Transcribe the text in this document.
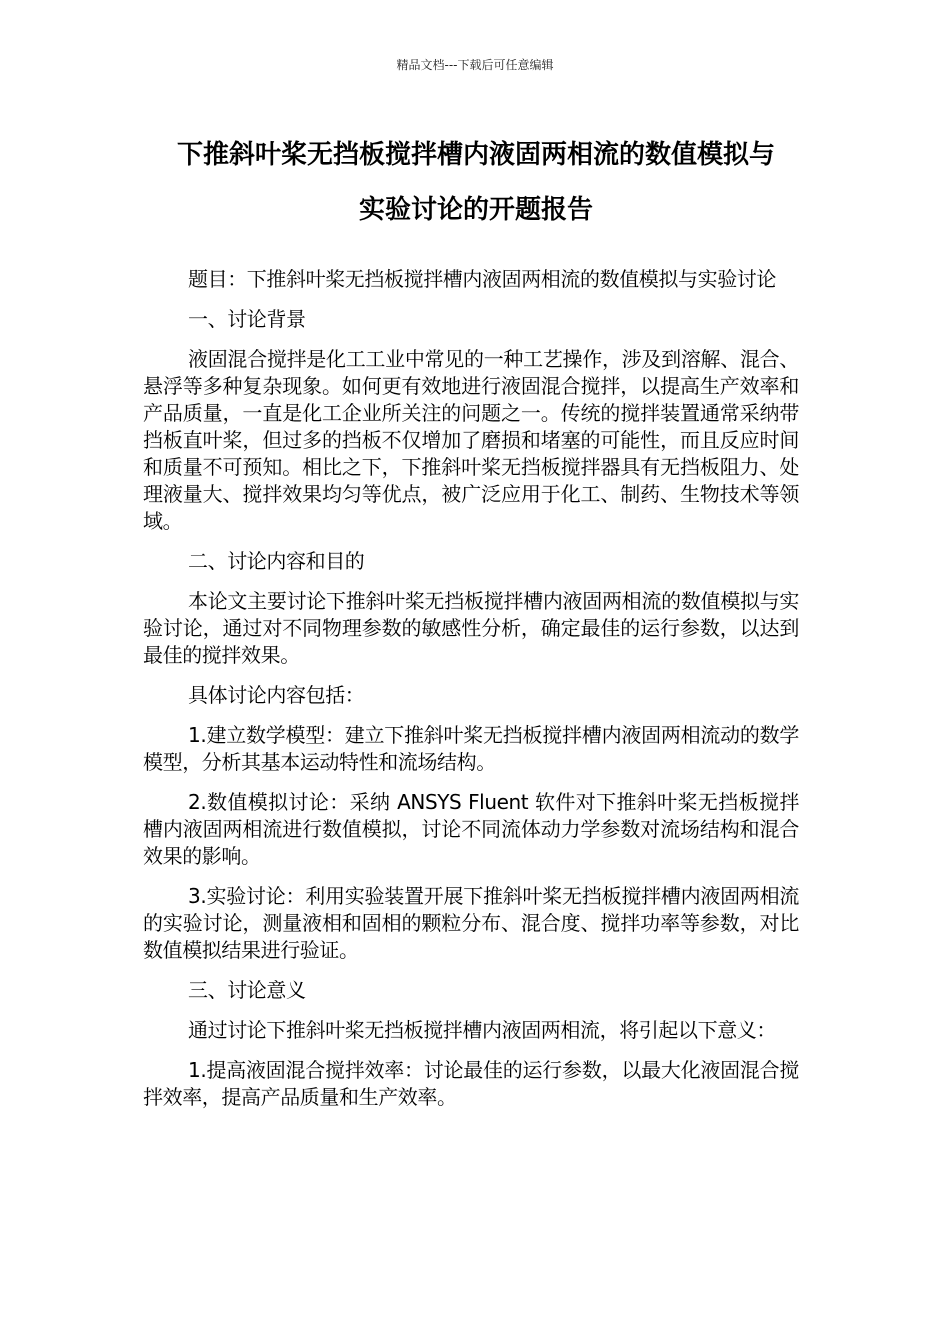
精品文档---下载后可任意编辑
下推斜叶桨无挡板搅拌槽内液固两相流的数值模拟与
实验讨论的开题报告

题目：下推斜叶桨无挡板搅拌槽内液固两相流的数值模拟与实验讨论

一、讨论背景

液固混合搅拌是化工工业中常见的一种工艺操作，涉及到溶解、混合、悬浮等多种复杂现象。如何更有效地进行液固混合搅拌，以提高生产效率和产品质量，一直是化工企业所关注的问题之一。传统的搅拌装置通常采纳带挡板直叶桨，但过多的挡板不仅增加了磨损和堵塞的可能性，而且反应时间和质量不可预知。相比之下，下推斜叶桨无挡板搅拌器具有无挡板阻力、处理液量大、搅拌效果均匀等优点，被广泛应用于化工、制药、生物技术等领域。

二、讨论内容和目的

本论文主要讨论下推斜叶桨无挡板搅拌槽内液固两相流的数值模拟与实验讨论，通过对不同物理参数的敏感性分析，确定最佳的运行参数，以达到最佳的搅拌效果。

具体讨论内容包括：

1.建立数学模型：建立下推斜叶桨无挡板搅拌槽内液固两相流动的数学模型，分析其基本运动特性和流场结构。

2.数值模拟讨论：采纳 ANSYS Fluent 软件对下推斜叶桨无挡板搅拌槽内液固两相流进行数值模拟，讨论不同流体动力学参数对流场结构和混合效果的影响。

3.实验讨论：利用实验装置开展下推斜叶桨无挡板搅拌槽内液固两相流的实验讨论，测量液相和固相的颗粒分布、混合度、搅拌功率等参数，对比数值模拟结果进行验证。

三、讨论意义

通过讨论下推斜叶桨无挡板搅拌槽内液固两相流，将引起以下意义：

1.提高液固混合搅拌效率：讨论最佳的运行参数，以最大化液固混合搅拌效率，提高产品质量和生产效率。
